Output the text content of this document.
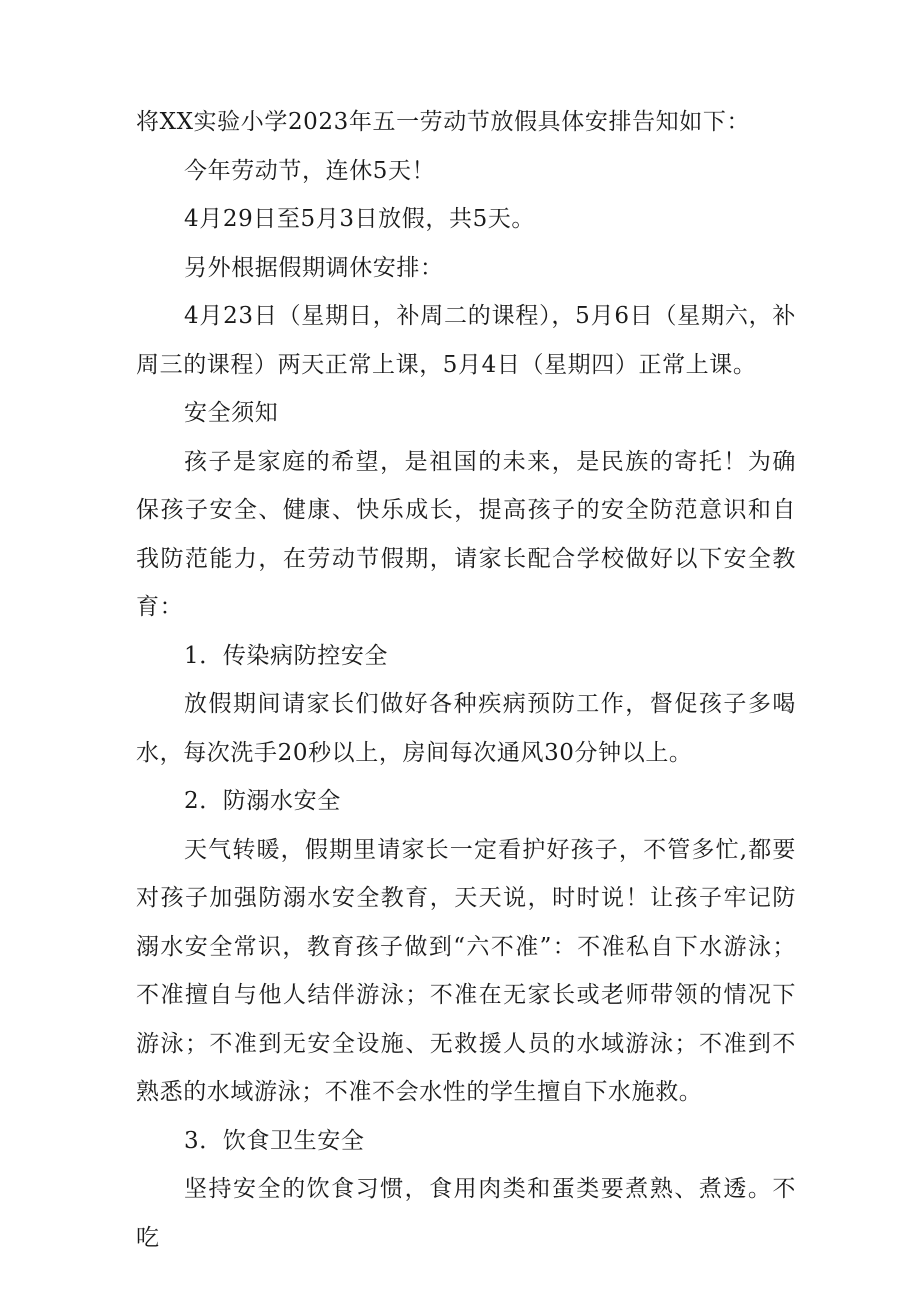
将XX实验小学2023年五一劳动节放假具体安排告知如下：

今年劳动节，连休5天！

4月29日至5月3日放假，共5天。

另外根据假期调休安排：

4月23日（星期日，补周二的课程），5月6日（星期六，补周三的课程）两天正常上课，5月4日（星期四）正常上课。

安全须知

孩子是家庭的希望，是祖国的未来，是民族的寄托！为确保孩子安全、健康、快乐成长，提高孩子的安全防范意识和自我防范能力，在劳动节假期，请家长配合学校做好以下安全教育：

1．传染病防控安全

放假期间请家长们做好各种疾病预防工作，督促孩子多喝水，每次洗手20秒以上，房间每次通风30分钟以上。

2．防溺水安全

天气转暖，假期里请家长一定看护好孩子，不管多忙,都要对孩子加强防溺水安全教育，天天说，时时说！让孩子牢记防溺水安全常识，教育孩子做到“六不准”：不准私自下水游泳；不准擅自与他人结伴游泳；不准在无家长或老师带领的情况下游泳；不准到无安全设施、无救援人员的水域游泳；不准到不熟悉的水域游泳；不准不会水性的学生擅自下水施救。

3．饮食卫生安全

坚持安全的饮食习惯，食用肉类和蛋类要煮熟、煮透。不吃
